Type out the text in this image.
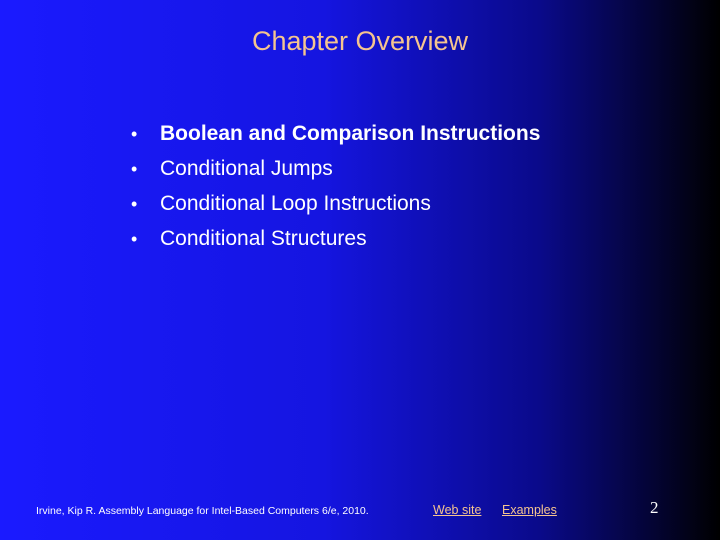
Chapter Overview
•	Boolean and Comparison Instructions
•	Conditional Jumps
•	Conditional Loop Instructions
•	Conditional Structures
Irvine, Kip R. Assembly Language for Intel-Based Computers 6/e, 2010.	Web site Examples	2
